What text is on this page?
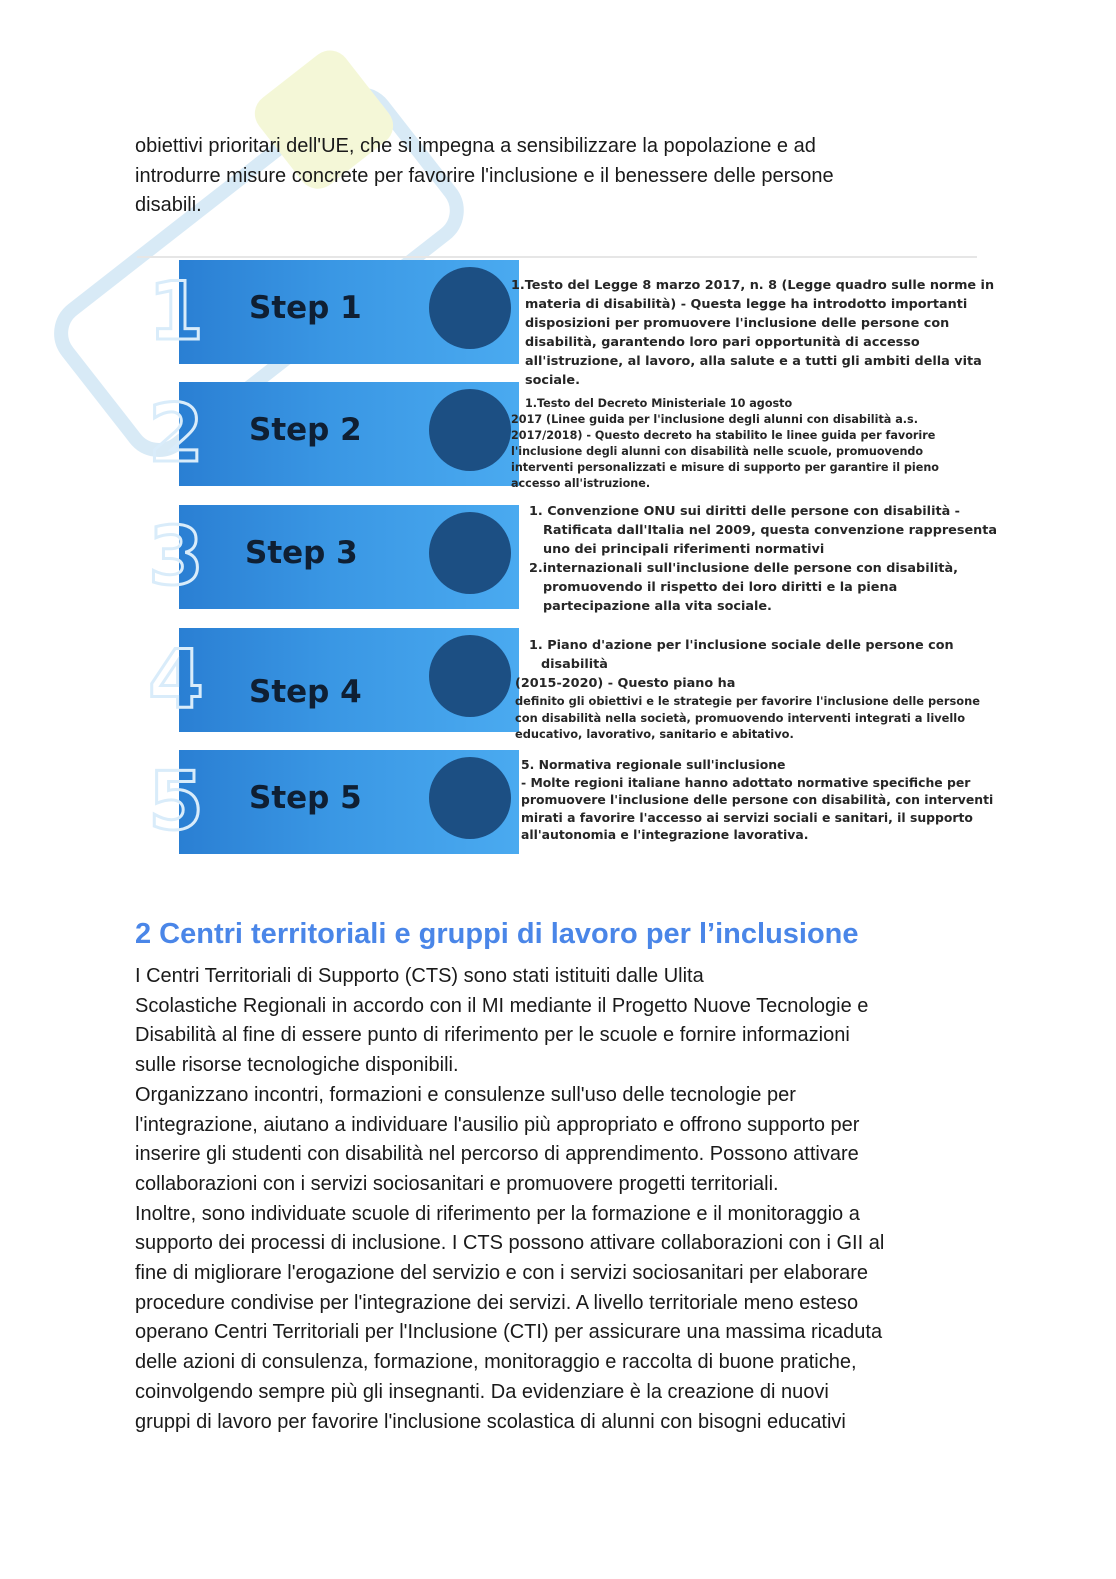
obiettivi prioritari dell'UE, che si impegna a sensibilizzare la popolazione e ad
introdurre misure concrete per favorire l'inclusione e il benessere delle persone
disabili.
1	Step 1
1.Testo del Legge 8 marzo 2017, n. 8 (Legge quadro sulle norme in
materia di disabilità) - Questa legge ha introdotto importanti
disposizioni per promuovere l'inclusione delle persone con
disabilità, garantendo loro pari opportunità di accesso
all'istruzione, al lavoro, alla salute e a tutti gli ambiti della vita
sociale.
2	Step 2
1.Testo del Decreto Ministeriale 10 agosto
2017 (Linee guida per l'inclusione degli alunni con disabilità a.s.
2017/2018) - Questo decreto ha stabilito le linee guida per favorire
l'inclusione degli alunni con disabilità nelle scuole, promuovendo
interventi personalizzati e misure di supporto per garantire il pieno
accesso all'istruzione.
3	Step 3
1. Convenzione ONU sui diritti delle persone con disabilità -
Ratificata dall'Italia nel 2009, questa convenzione rappresenta
uno dei principali riferimenti normativi
2.internazionali sull'inclusione delle persone con disabilità,
promuovendo il rispetto dei loro diritti e la piena
partecipazione alla vita sociale.
4	Step 4
1. Piano d'azione per l'inclusione sociale delle persone con
disabilità
(2015-2020) - Questo piano ha
definito gli obiettivi e le strategie per favorire l'inclusione delle persone
con disabilità nella società, promuovendo interventi integrati a livello
educativo, lavorativo, sanitario e abitativo.
5	Step 5
5. Normativa regionale sull'inclusione
- Molte regioni italiane hanno adottato normative specifiche per
promuovere l'inclusione delle persone con disabilità, con interventi
mirati a favorire l'accesso ai servizi sociali e sanitari, il supporto
all'autonomia e l'integrazione lavorativa.
2 Centri territoriali e gruppi di lavoro per l’inclusione

I Centri Territoriali di Supporto (CTS) sono stati istituiti dalle Ulita
Scolastiche Regionali in accordo con il MI mediante il Progetto Nuove Tecnologie e
Disabilità al fine di essere punto di riferimento per le scuole e fornire informazioni
sulle risorse tecnologiche disponibili.

Organizzano incontri, formazioni e consulenze sull'uso delle tecnologie per
l'integrazione, aiutano a individuare l'ausilio più appropriato e offrono supporto per
inserire gli studenti con disabilità nel percorso di apprendimento. Possono attivare
collaborazioni con i servizi sociosanitari e promuovere progetti territoriali.

Inoltre, sono individuate scuole di riferimento per la formazione e il monitoraggio a
supporto dei processi di inclusione. I CTS possono attivare collaborazioni con i GII al
fine di migliorare l'erogazione del servizio e con i servizi sociosanitari per elaborare
procedure condivise per l'integrazione dei servizi. A livello territoriale meno esteso
operano Centri Territoriali per l'Inclusione (CTI) per assicurare una massima ricaduta
delle azioni di consulenza, formazione, monitoraggio e raccolta di buone pratiche,
coinvolgendo sempre più gli insegnanti. Da evidenziare è la creazione di nuovi
gruppi di lavoro per favorire l'inclusione scolastica di alunni con bisogni educativi
